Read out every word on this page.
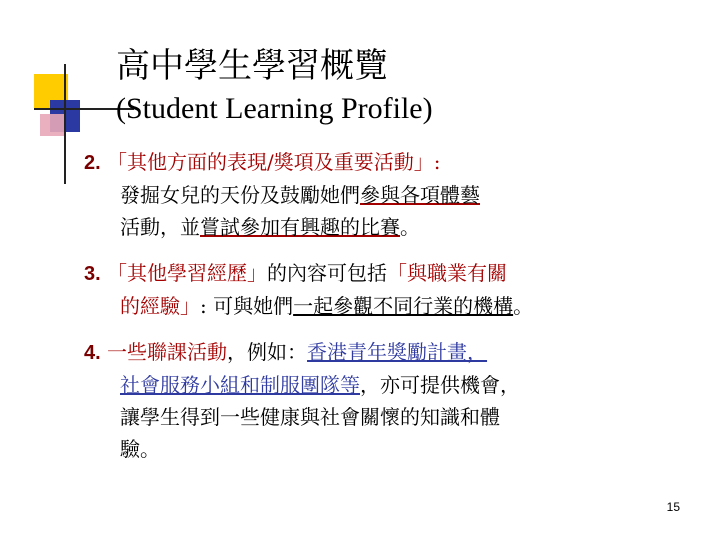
高中學生學習概覽
(Student Learning Profile)
2. 「其他方面的表現/獎項及重要活動」:
發掘女兒的天份及鼓勵她們參與各項體藝
活動，並嘗試參加有興趣的比賽。
3. 「其他學習經歷」的內容可包括「與職業有關
的經驗」: 可與她們一起參觀不同行業的機構。
4. 一些聯課活動，例如：香港青年獎勵計畫，
社會服務小組和制服團隊等，亦可提供機會，
讓學生得到一些健康與社會關懷的知識和體
驗。
15
